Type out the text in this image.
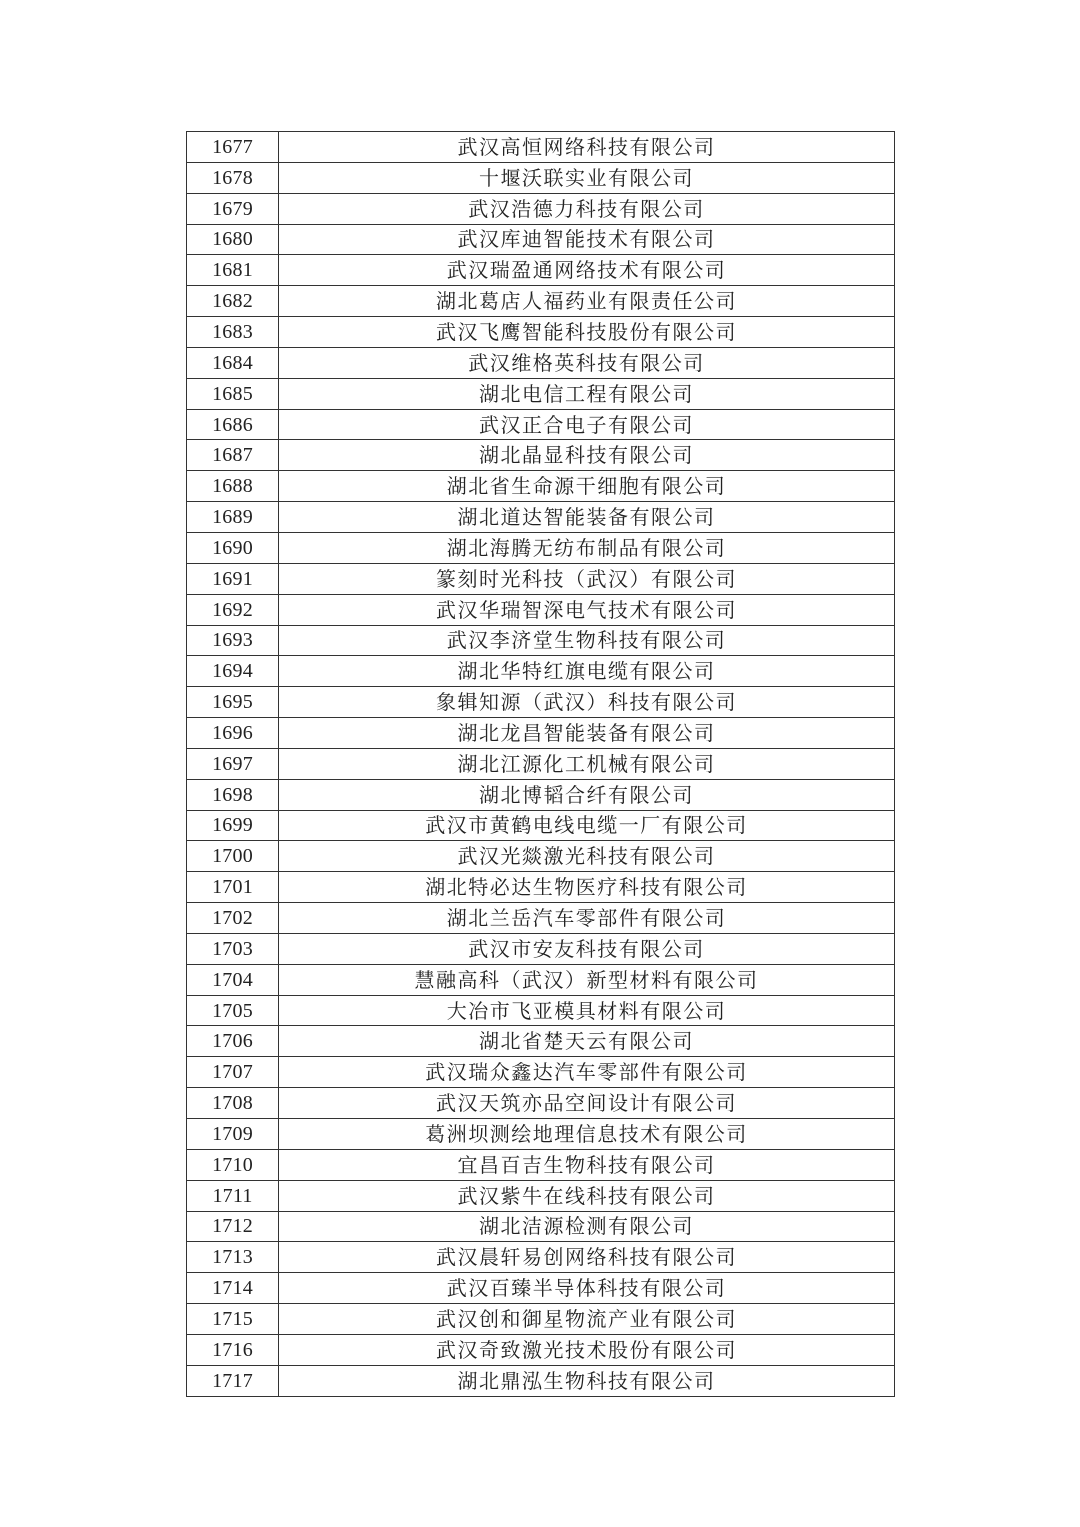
1677	武汉高恒网络科技有限公司
1678	十堰沃联实业有限公司
1679	武汉浩德力科技有限公司
1680	武汉库迪智能技术有限公司
1681	武汉瑞盈通网络技术有限公司
1682	湖北葛店人福药业有限责任公司
1683	武汉飞鹰智能科技股份有限公司
1684	武汉维格英科技有限公司
1685	湖北电信工程有限公司
1686	武汉正合电子有限公司
1687	湖北晶显科技有限公司
1688	湖北省生命源干细胞有限公司
1689	湖北道达智能装备有限公司
1690	湖北海腾无纺布制品有限公司
1691	篆刻时光科技（武汉）有限公司
1692	武汉华瑞智深电气技术有限公司
1693	武汉李济堂生物科技有限公司
1694	湖北华特红旗电缆有限公司
1695	象辑知源（武汉）科技有限公司
1696	湖北龙昌智能装备有限公司
1697	湖北江源化工机械有限公司
1698	湖北博韬合纤有限公司
1699	武汉市黄鹤电线电缆一厂有限公司
1700	武汉光燚激光科技有限公司
1701	湖北特必达生物医疗科技有限公司
1702	湖北兰岳汽车零部件有限公司
1703	武汉市安友科技有限公司
1704	慧融高科（武汉）新型材料有限公司
1705	大冶市飞亚模具材料有限公司
1706	湖北省楚天云有限公司
1707	武汉瑞众鑫达汽车零部件有限公司
1708	武汉天筑亦品空间设计有限公司
1709	葛洲坝测绘地理信息技术有限公司
1710	宜昌百吉生物科技有限公司
1711	武汉紫牛在线科技有限公司
1712	湖北洁源检测有限公司
1713	武汉晨轩易创网络科技有限公司
1714	武汉百臻半导体科技有限公司
1715	武汉创和御星物流产业有限公司
1716	武汉奇致激光技术股份有限公司
1717	湖北鼎泓生物科技有限公司
